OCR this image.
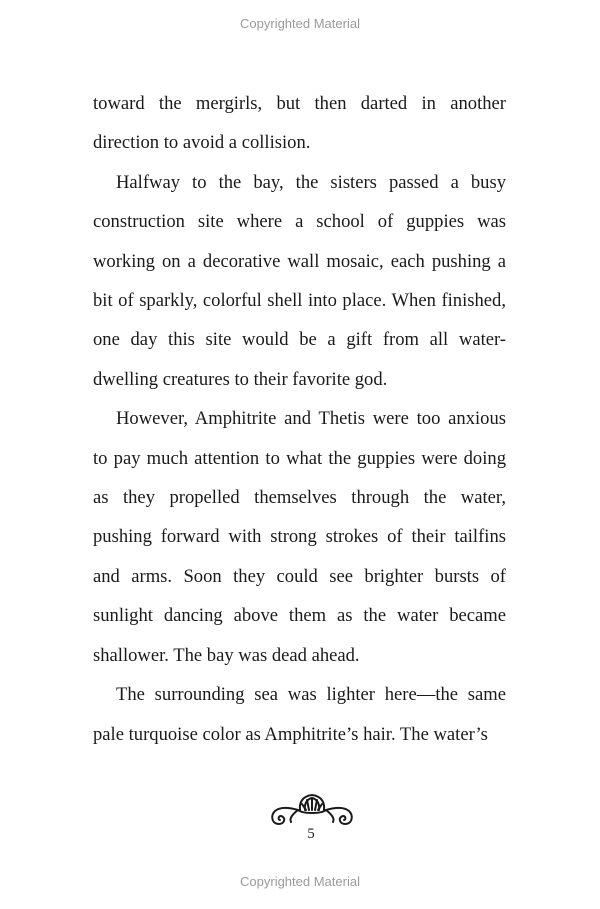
Copyrighted Material

toward the mergirls, but then darted in another direction to avoid a collision.

Halfway to the bay, the sisters passed a busy construction site where a school of guppies was working on a decorative wall mosaic, each pushing a bit of sparkly, colorful shell into place. When finished, one day this site would be a gift from all water-dwelling creatures to their favorite god.

However, Amphitrite and Thetis were too anxious to pay much attention to what the guppies were doing as they propelled themselves through the water, pushing forward with strong strokes of their tailfins and arms. Soon they could see brighter bursts of sunlight dancing above them as the water became shallower. The bay was dead ahead.

The surrounding sea was lighter here—the same pale turquoise color as Amphitrite’s hair. The water’s

5
Copyrighted Material
